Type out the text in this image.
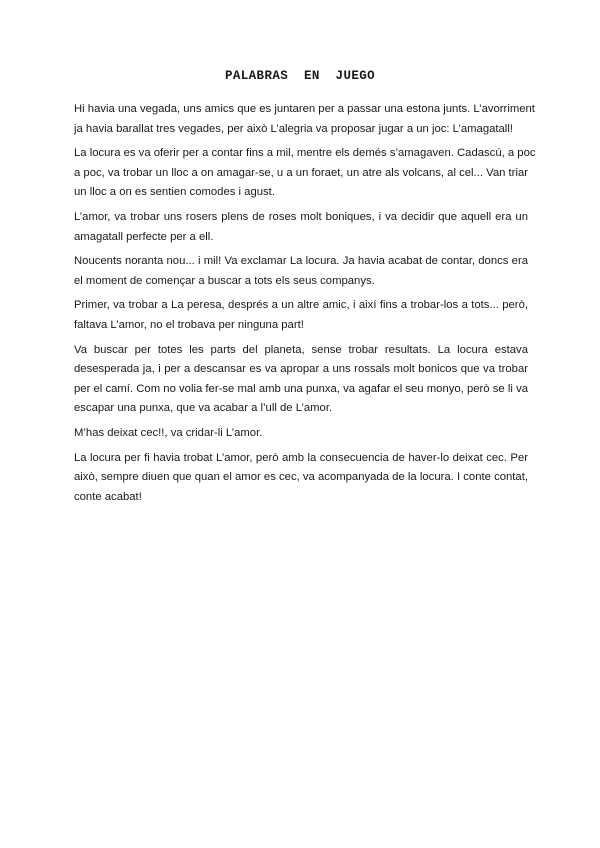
PALABRAS  EN  JUEGO

Hi havia una vegada, uns amics que es juntaren per a passar una estona junts. L’avorriment
ja havia barallat tres vegades, per això L’alegria va proposar jugar a un joc: L’amagatall!

La locura es va oferir per a contar fins a mil, mentre els demés s’amagaven. Cadascú, a poc
a poc, va trobar un lloc a on amagar-se, u a un foraet, un atre als volcans, al cel... Van triar
un lloc a on es sentien comodes i agust.

L’amor, va trobar uns rosers plens de roses molt boniques, i va decidir que aquell era un
amagatall perfecte per a ell.

Noucents noranta nou... i mil! Va exclamar La locura. Ja havia acabat de contar, doncs era
el moment de començar a buscar a tots els seus companys.

Primer, va trobar a La peresa, després a un altre amic, i així fins a trobar-los a tots... però,
faltava L’amor, no el trobava per ninguna part!

Va buscar per totes les parts del planeta, sense trobar resultats. La locura estava
desesperada ja, i per a descansar es va apropar a uns rossals molt bonicos que va trobar
per el camí. Com no volia fer-se mal amb una punxa, va agafar el seu monyo, però se li va
escapar una punxa, que va acabar a l’ull de L’amor.

M’has deixat cec!!, va cridar-li L’amor.

La locura per fi havia trobat L’amor, però amb la consecuencia de haver-lo deixat cec. Per
això, sempre diuen que quan el amor es cec, va acompanyada de la locura. I conte contat,
conte acabat!
